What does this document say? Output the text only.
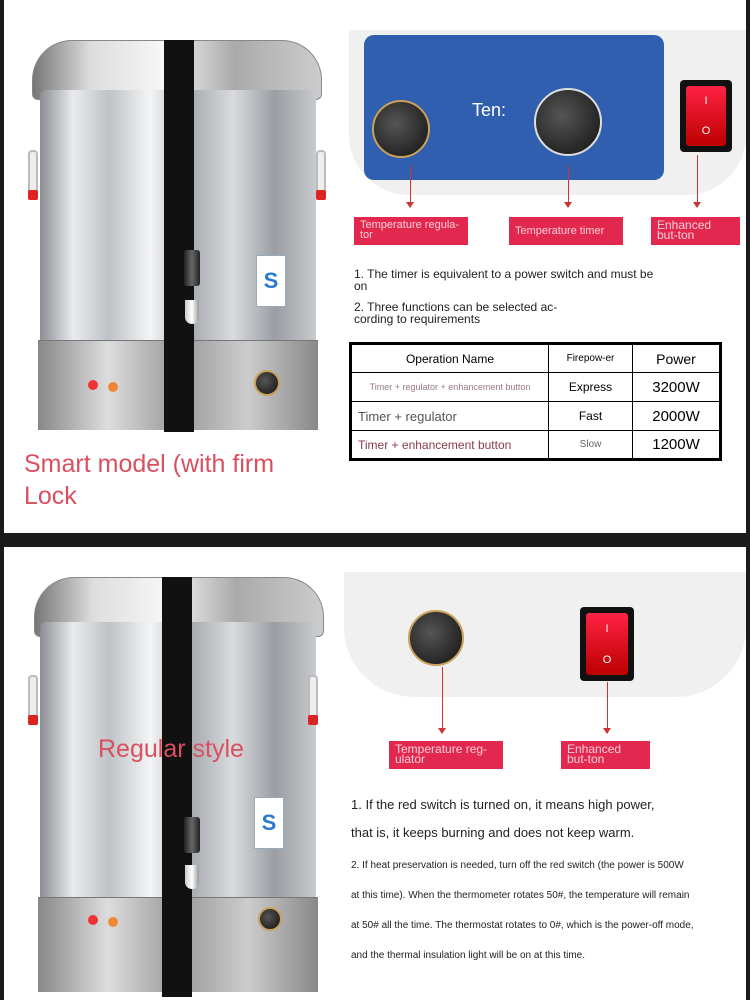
S
Ten:	I
O
Temperature regula-tor	Temperature timer	Enhanced but-ton
1. The timer is equivalent to a power switch and must be on
2. Three functions can be selected ac-cording to requirements
Operation Name	Firepow-er	Power
Timer + regulator + enhancement button	Express	3200W
Timer + regulator	Fast	2000W
Timer + enhancement button	Slow	1200W
Smart model (with firm Lock
S
Regular style
I
O
Temperature reg-ulator
Enhanced but-ton
1. If the red switch is turned on, it means high power,
that is, it keeps burning and does not keep warm.
2. If heat preservation is needed, turn off the red switch (the power is 500W
at this time). When the thermometer rotates 50#, the temperature will remain
at 50# all the time. The thermostat rotates to 0#, which is the power-off mode,
and the thermal insulation light will be on at this time.
